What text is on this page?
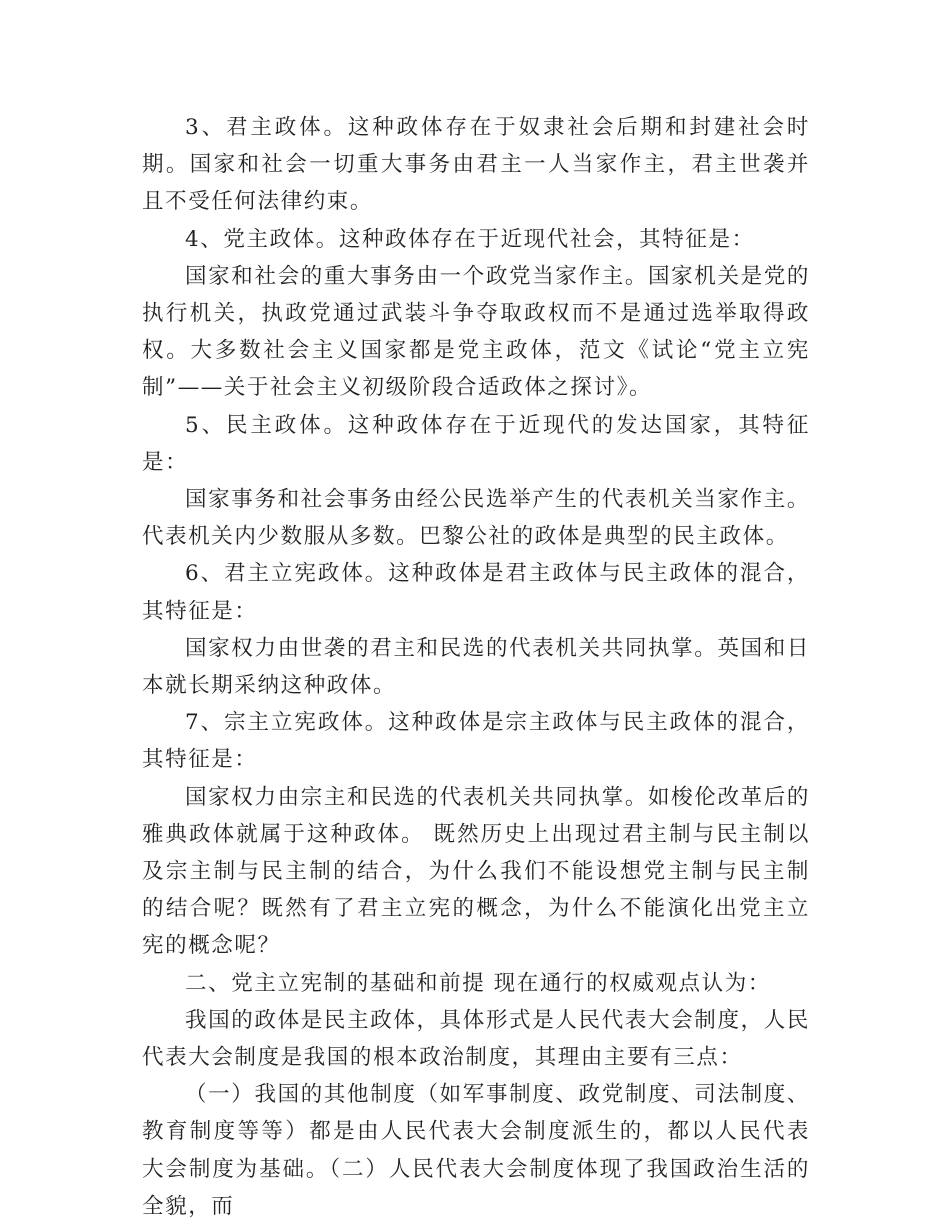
3、君主政体。这种政体存在于奴隶社会后期和封建社会时期。国家和社会一切重大事务由君主一人当家作主，君主世袭并且不受任何法律约束。

4、党主政体。这种政体存在于近现代社会，其特征是：

国家和社会的重大事务由一个政党当家作主。国家机关是党的执行机关，执政党通过武装斗争夺取政权而不是通过选举取得政权。大多数社会主义国家都是党主政体，范文《试论“党主立宪制”——关于社会主义初级阶段合适政体之探讨》。

5、民主政体。这种政体存在于近现代的发达国家，其特征是：

国家事务和社会事务由经公民选举产生的代表机关当家作主。代表机关内少数服从多数。巴黎公社的政体是典型的民主政体。

6、君主立宪政体。这种政体是君主政体与民主政体的混合，其特征是：

国家权力由世袭的君主和民选的代表机关共同执掌。英国和日本就长期采纳这种政体。

7、宗主立宪政体。这种政体是宗主政体与民主政体的混合，其特征是：

国家权力由宗主和民选的代表机关共同执掌。如梭伦改革后的雅典政体就属于这种政体。 既然历史上出现过君主制与民主制以及宗主制与民主制的结合，为什么我们不能设想党主制与民主制的结合呢？既然有了君主立宪的概念，为什么不能演化出党主立宪的概念呢？

二、党主立宪制的基础和前提 现在通行的权威观点认为：

我国的政体是民主政体，具体形式是人民代表大会制度，人民代表大会制度是我国的根本政治制度，其理由主要有三点：

（一）我国的其他制度（如军事制度、政党制度、司法制度、教育制度等等）都是由人民代表大会制度派生的，都以人民代表大会制度为基础。（二）人民代表大会制度体现了我国政治生活的全貌，而
